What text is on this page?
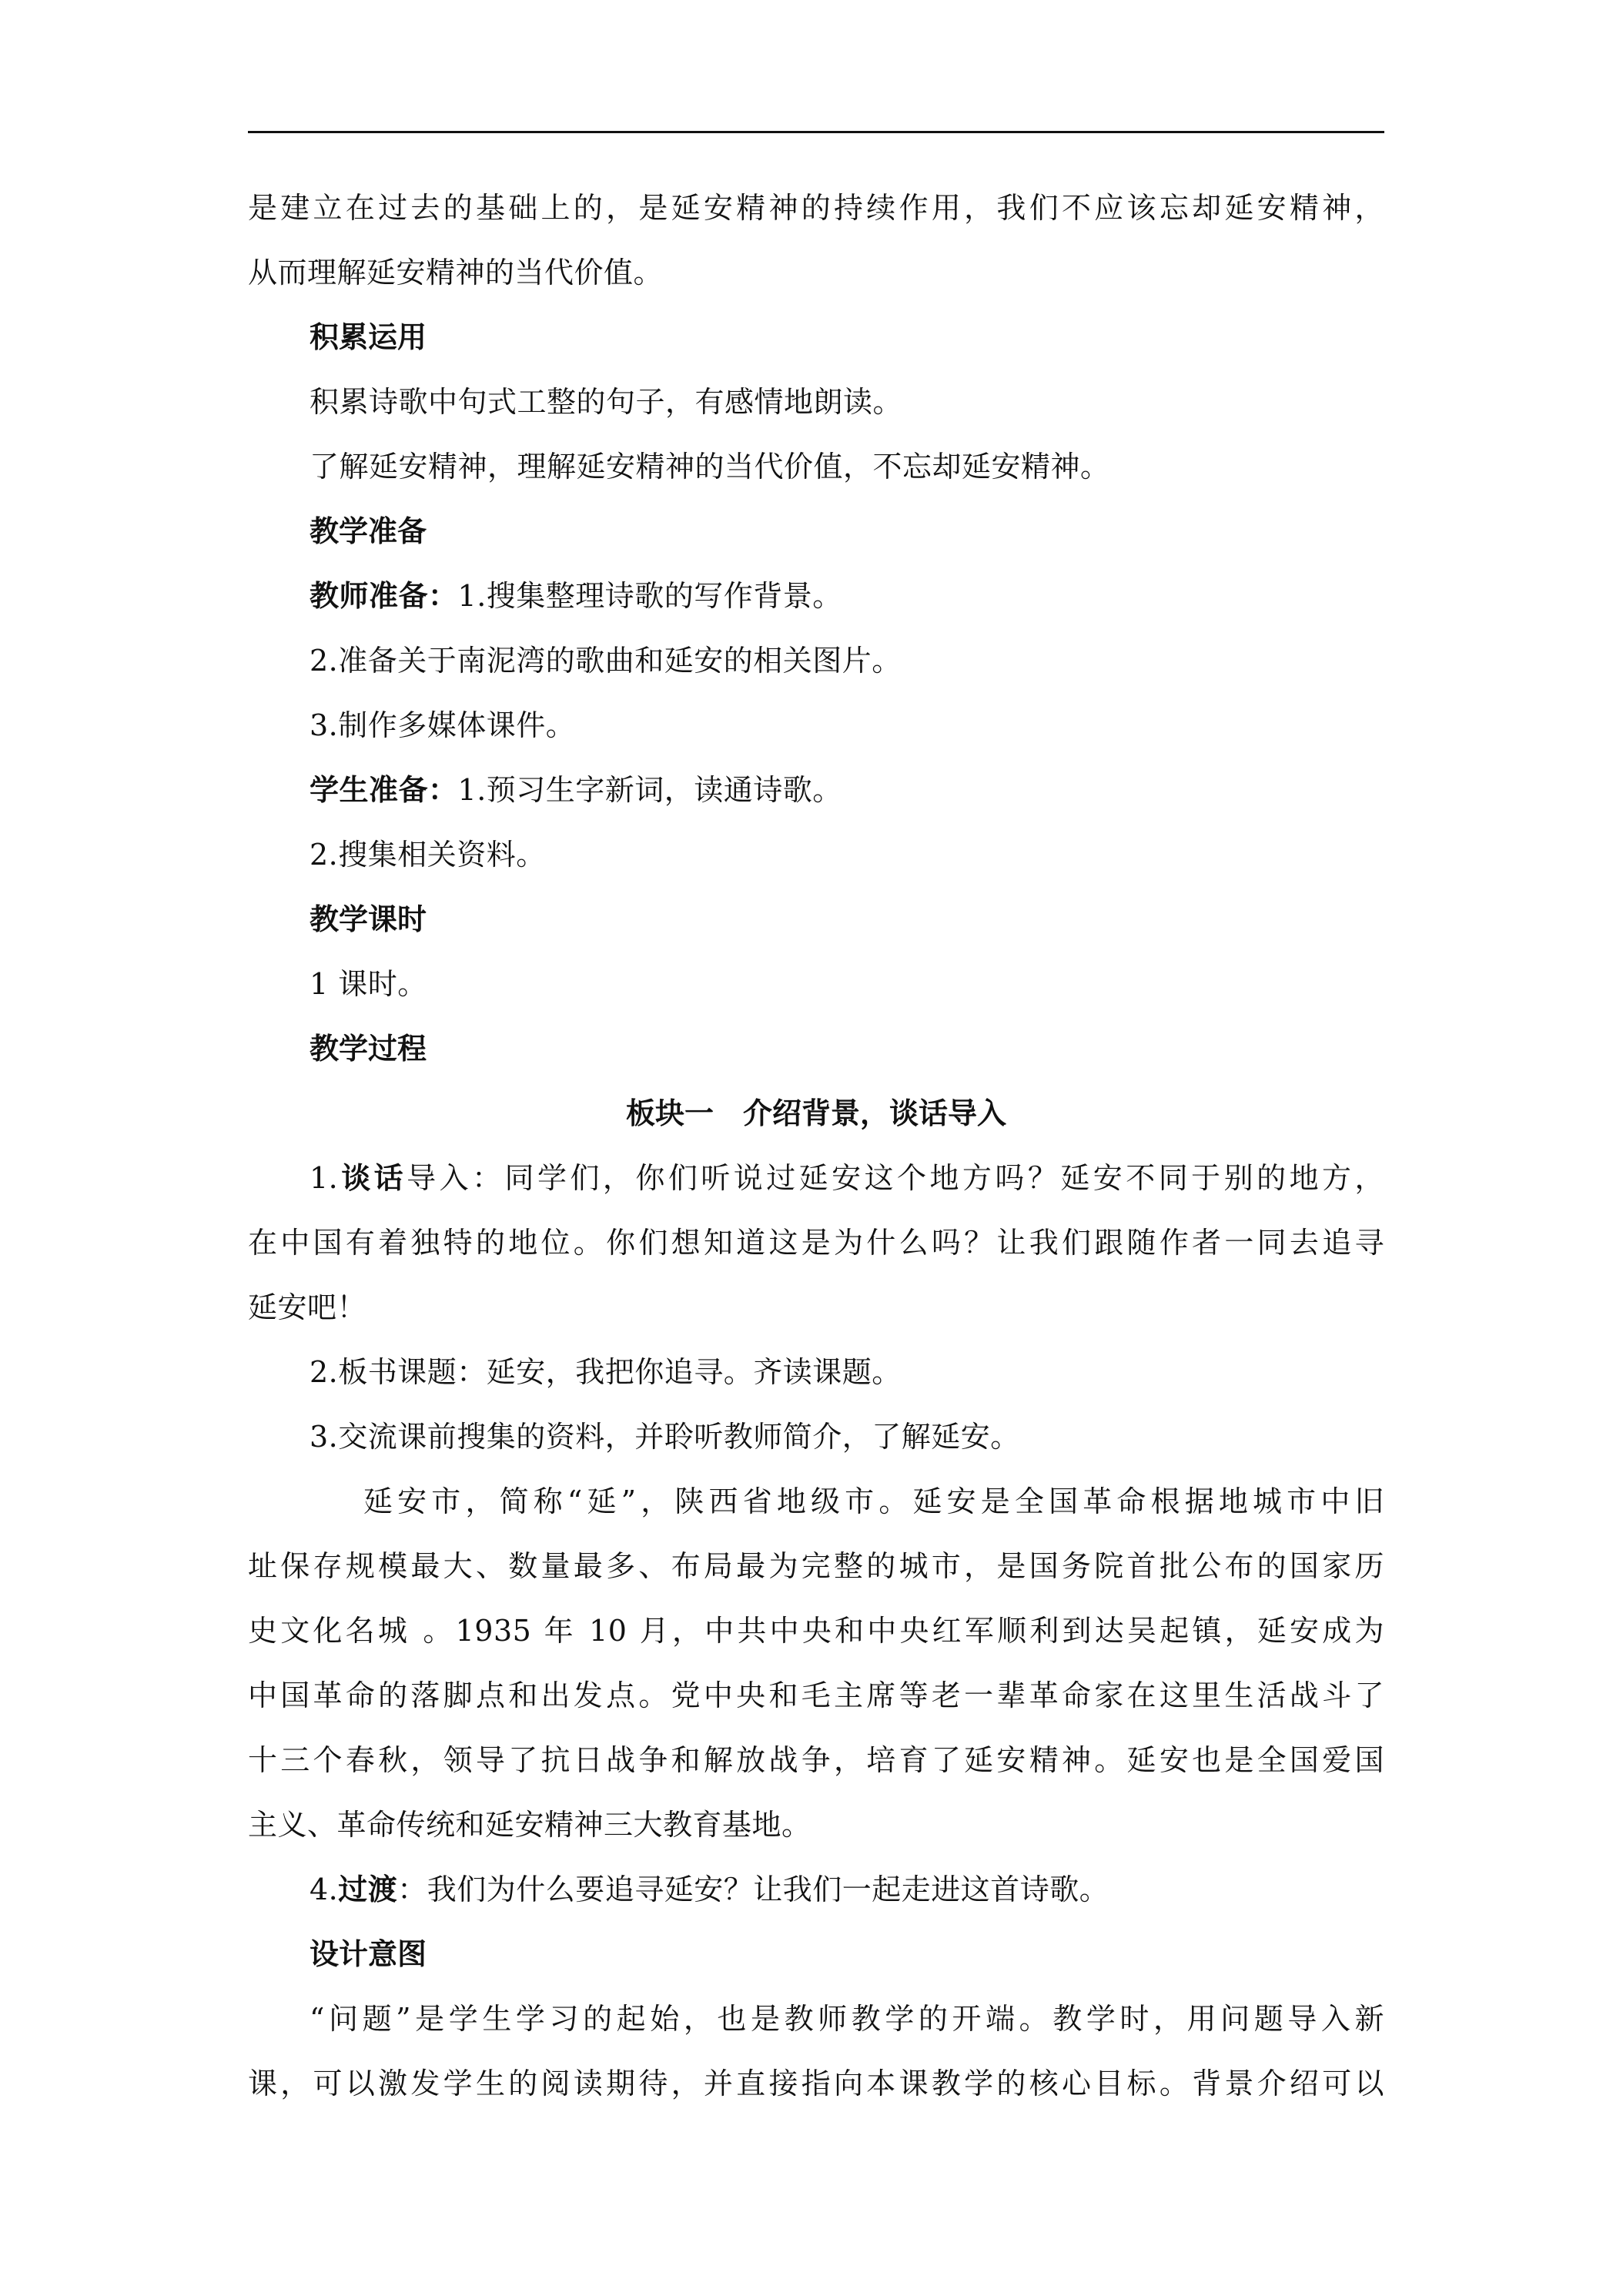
是建立在过去的基础上的，是延安精神的持续作用，我们不应该忘却延安精神，
从而理解延安精神的当代价值。
积累运用
积累诗歌中句式工整的句子，有感情地朗读。
了解延安精神，理解延安精神的当代价值，不忘却延安精神。
教学准备
教师准备：1.搜集整理诗歌的写作背景。
2.准备关于南泥湾的歌曲和延安的相关图片。
3.制作多媒体课件。
学生准备：1.预习生字新词，读通诗歌。
2.搜集相关资料。
教学课时
1 课时。
教学过程
板块一　介绍背景，谈话导入
1.谈话导入：同学们，你们听说过延安这个地方吗？延安不同于别的地方，
在中国有着独特的地位。你们想知道这是为什么吗？让我们跟随作者一同去追寻
延安吧！
2.板书课题：延安，我把你追寻。齐读课题。
3.交流课前搜集的资料，并聆听教师简介，了解延安。
延安市，简称“延”，陕西省地级市。延安是全国革命根据地城市中旧
址保存规模最大、数量最多、布局最为完整的城市，是国务院首批公布的国家历
史文化名城 。1935 年 10 月，中共中央和中央红军顺利到达吴起镇，延安成为
中国革命的落脚点和出发点。党中央和毛主席等老一辈革命家在这里生活战斗了
十三个春秋，领导了抗日战争和解放战争，培育了延安精神。延安也是全国爱国
主义、革命传统和延安精神三大教育基地。
4.过渡：我们为什么要追寻延安？让我们一起走进这首诗歌。
设计意图
“问题”是学生学习的起始，也是教师教学的开端。教学时，用问题导入新
课，可以激发学生的阅读期待，并直接指向本课教学的核心目标。背景介绍可以
